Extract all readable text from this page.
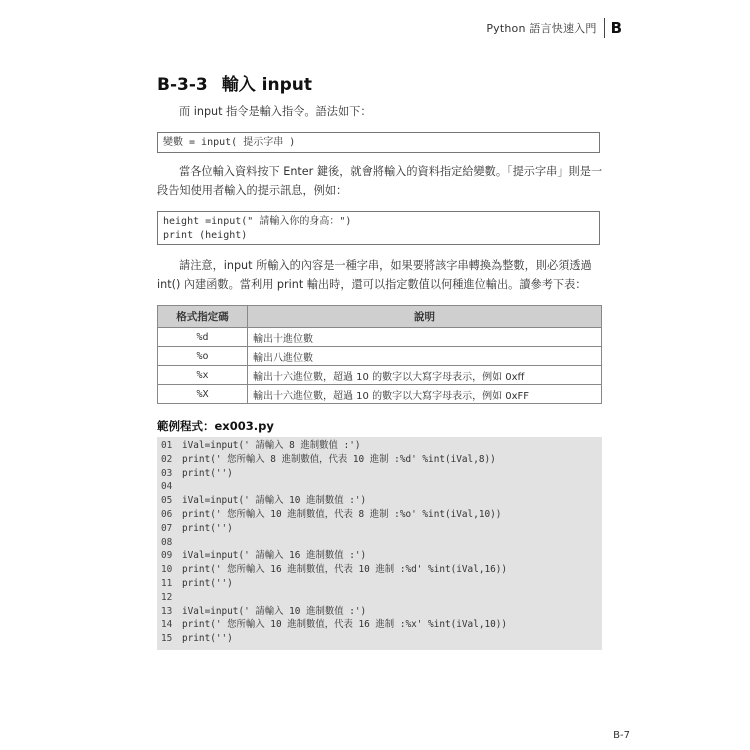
Python 語言快速入門 B
B-3-3 輸入 input
而 input 指令是輸入指令。語法如下：
變數 = input( 提示字串 )
當各位輸入資料按下 Enter 鍵後，就會將輸入的資料指定給變數。「提示字串」則是一段告知使用者輸入的提示訊息，例如：
height =input(" 請輸入你的身高：")
print (height)
請注意，input 所輸入的內容是一種字串，如果要將該字串轉換為整數，則必須透過 int() 內建函數。當利用 print 輸出時，還可以指定數值以何種進位輸出。讀參考下表：
格式指定碼	說明
%d	輸出十進位數
%o	輸出八進位數
%x	輸出十六進位數，超過 10 的數字以大寫字母表示，例如 0xff
%X	輸出十六進位數，超過 10 的數字以大寫字母表示，例如 0xFF
範例程式：ex003.py
01	iVal=input(' 請輸入 8 進制數值 :')
02	print(' 您所輸入 8 進制數值，代表 10 進制 :%d' %int(iVal,8))
03	print('')
04
05	iVal=input(' 請輸入 10 進制數值 :')
06	print(' 您所輸入 10 進制數值，代表 8 進制 :%o' %int(iVal,10))
07	print('')
08
09	iVal=input(' 請輸入 16 進制數值 :')
10	print(' 您所輸入 16 進制數值，代表 10 進制 :%d' %int(iVal,16))
11	print('')
12
13	iVal=input(' 請輸入 10 進制數值 :')
14	print(' 您所輸入 10 進制數值，代表 16 進制 :%x' %int(iVal,10))
15	print('')
B-7
